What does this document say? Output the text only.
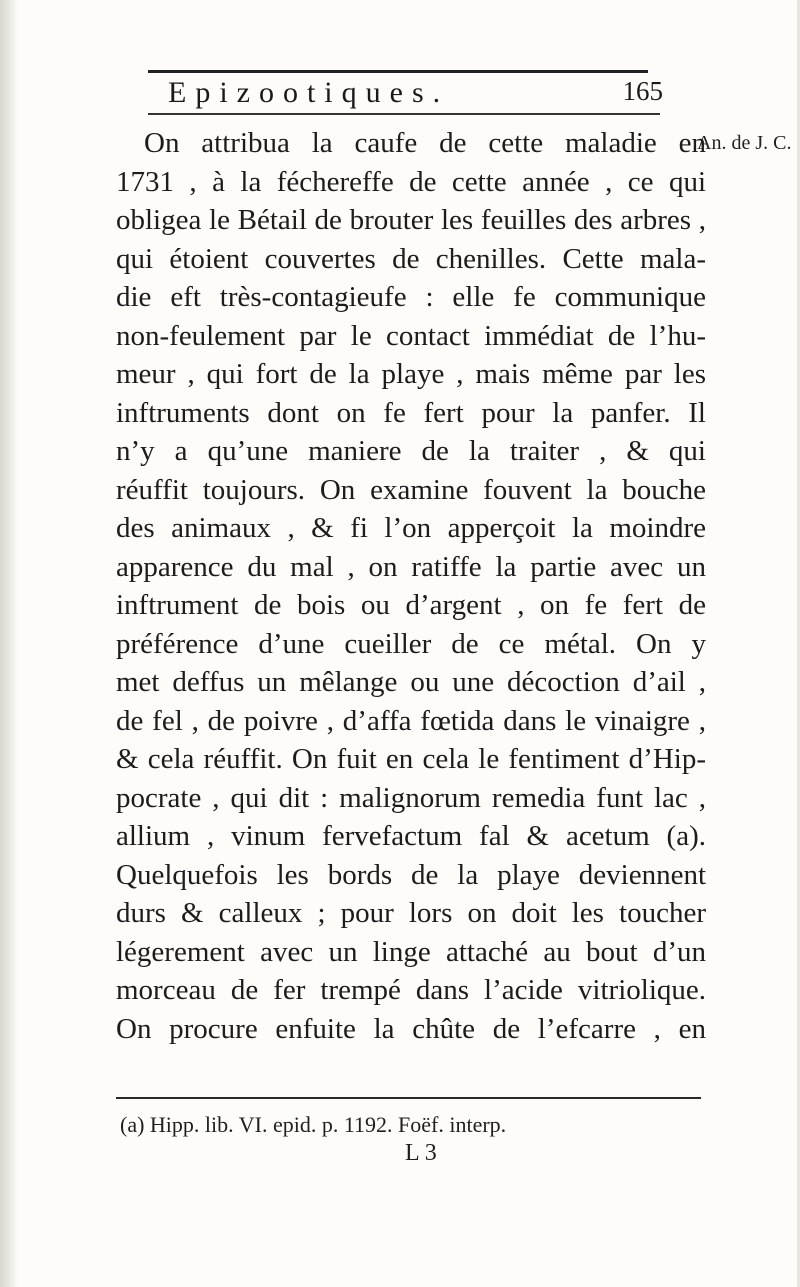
Epizootiques.	165
An. de J. C.
On attribua la caufe de cette maladie en
1731 , à la féchereffe de cette année , ce qui
obligea le Bétail de brouter les feuilles des arbres ,
qui étoient couvertes de chenilles. Cette mala-
die eft très-contagieufe : elle fe communique
non-feulement par le contact immédiat de l’hu-
meur , qui fort de la playe , mais même par les
inftruments dont on fe fert pour la panfer. Il
n’y a qu’une maniere de la traiter , & qui
réuffit toujours. On examine fouvent la bouche
des animaux , & fi l’on apperçoit la moindre
apparence du mal , on ratiffe la partie avec un
inftrument de bois ou d’argent , on fe fert de
préférence d’une cueiller de ce métal. On y
met deffus un mêlange ou une décoction d’ail ,
de fel , de poivre , d’affa fœtida dans le vinaigre ,
& cela réuffit. On fuit en cela le fentiment d’Hip-
pocrate , qui dit : malignorum remedia funt lac ,
allium , vinum fervefactum fal & acetum (a).
Quelquefois les bords de la playe deviennent
durs & calleux ; pour lors on doit les toucher
légerement avec un linge attaché au bout d’un
morceau de fer trempé dans l’acide vitriolique.
On procure enfuite la chûte de l’efcarre , en
(a) Hipp. lib. VI. epid. p. 1192. Foëf. interp.
L 3
